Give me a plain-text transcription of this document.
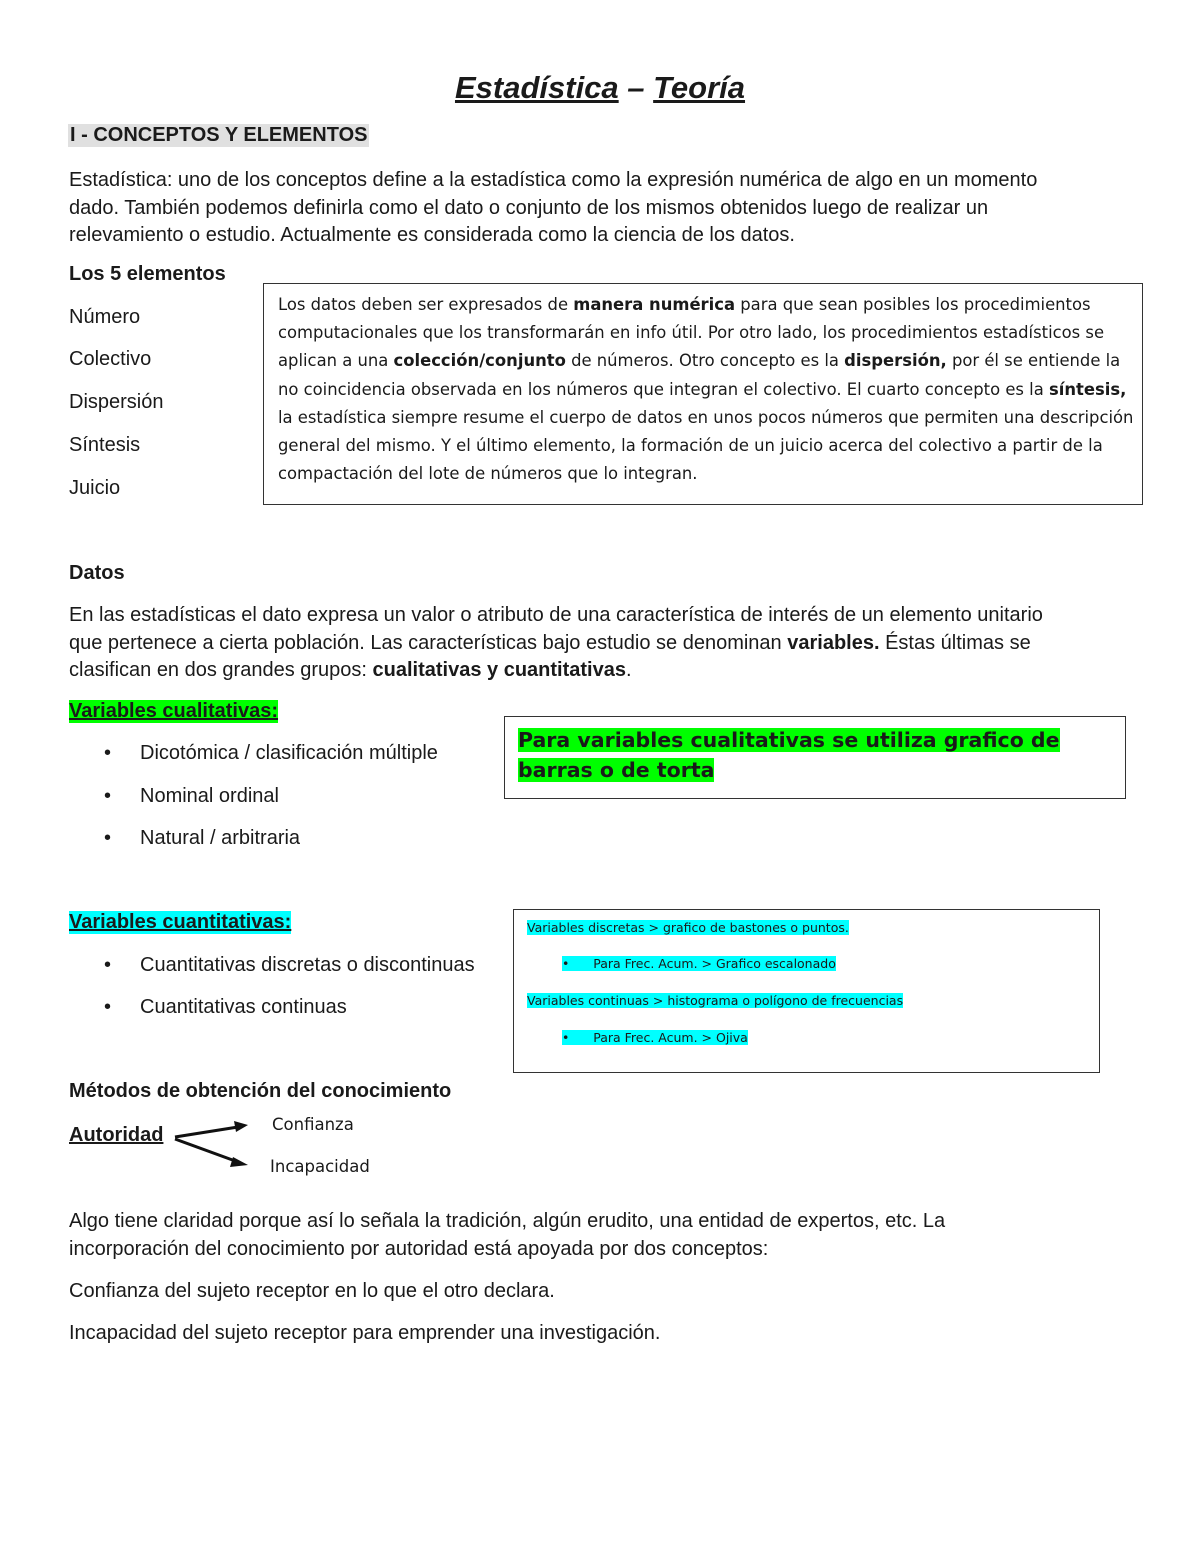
Estadística – Teoría
I - CONCEPTOS Y ELEMENTOS
Estadística: uno de los conceptos define a la estadística como la expresión numérica de algo en un momento
dado. También podemos definirla como el dato o conjunto de los mismos obtenidos luego de realizar un
relevamiento o estudio. Actualmente es considerada como la ciencia de los datos.
Los 5 elementos
Número
Colectivo
Dispersión
Síntesis
Juicio

Los datos deben ser expresados de manera numérica para que sean posibles los procedimientos computacionales que los transformarán en info útil. Por otro lado, los procedimientos estadísticos se aplican a una colección/conjunto de números. Otro concepto es la dispersión, por él se entiende la no coincidencia observada en los números que integran el colectivo. El cuarto concepto es la síntesis, la estadística siempre resume el cuerpo de datos en unos pocos números que permiten una descripción general del mismo. Y el último elemento, la formación de un juicio acerca del colectivo a partir de la compactación del lote de números que lo integran.

Datos
En las estadísticas el dato expresa un valor o atributo de una característica de interés de un elemento unitario
que pertenece a cierta población. Las características bajo estudio se denominan variables. Éstas últimas se
clasifican en dos grandes grupos: cualitativas y cuantitativas.
Variables cualitativas:
• Dicotómica / clasificación múltiple
• Nominal ordinal
• Natural / arbitraria

Para variables cualitativas se utiliza grafico de barras o de torta

Variables cuantitativas:
• Cuantitativas discretas o discontinuas
• Cuantitativas continuas
Variables discretas > grafico de bastones o puntos.
•      Para Frec. Acum. > Grafico escalonado
Variables continuas > histograma o polígono de frecuencias
•      Para Frec. Acum. > Ojiva
Métodos de obtención del conocimiento
Autoridad	Confianza
Incapacidad
Algo tiene claridad porque así lo señala la tradición, algún erudito, una entidad de expertos, etc. La
incorporación del conocimiento por autoridad está apoyada por dos conceptos:
Confianza del sujeto receptor en lo que el otro declara.
Incapacidad del sujeto receptor para emprender una investigación.
